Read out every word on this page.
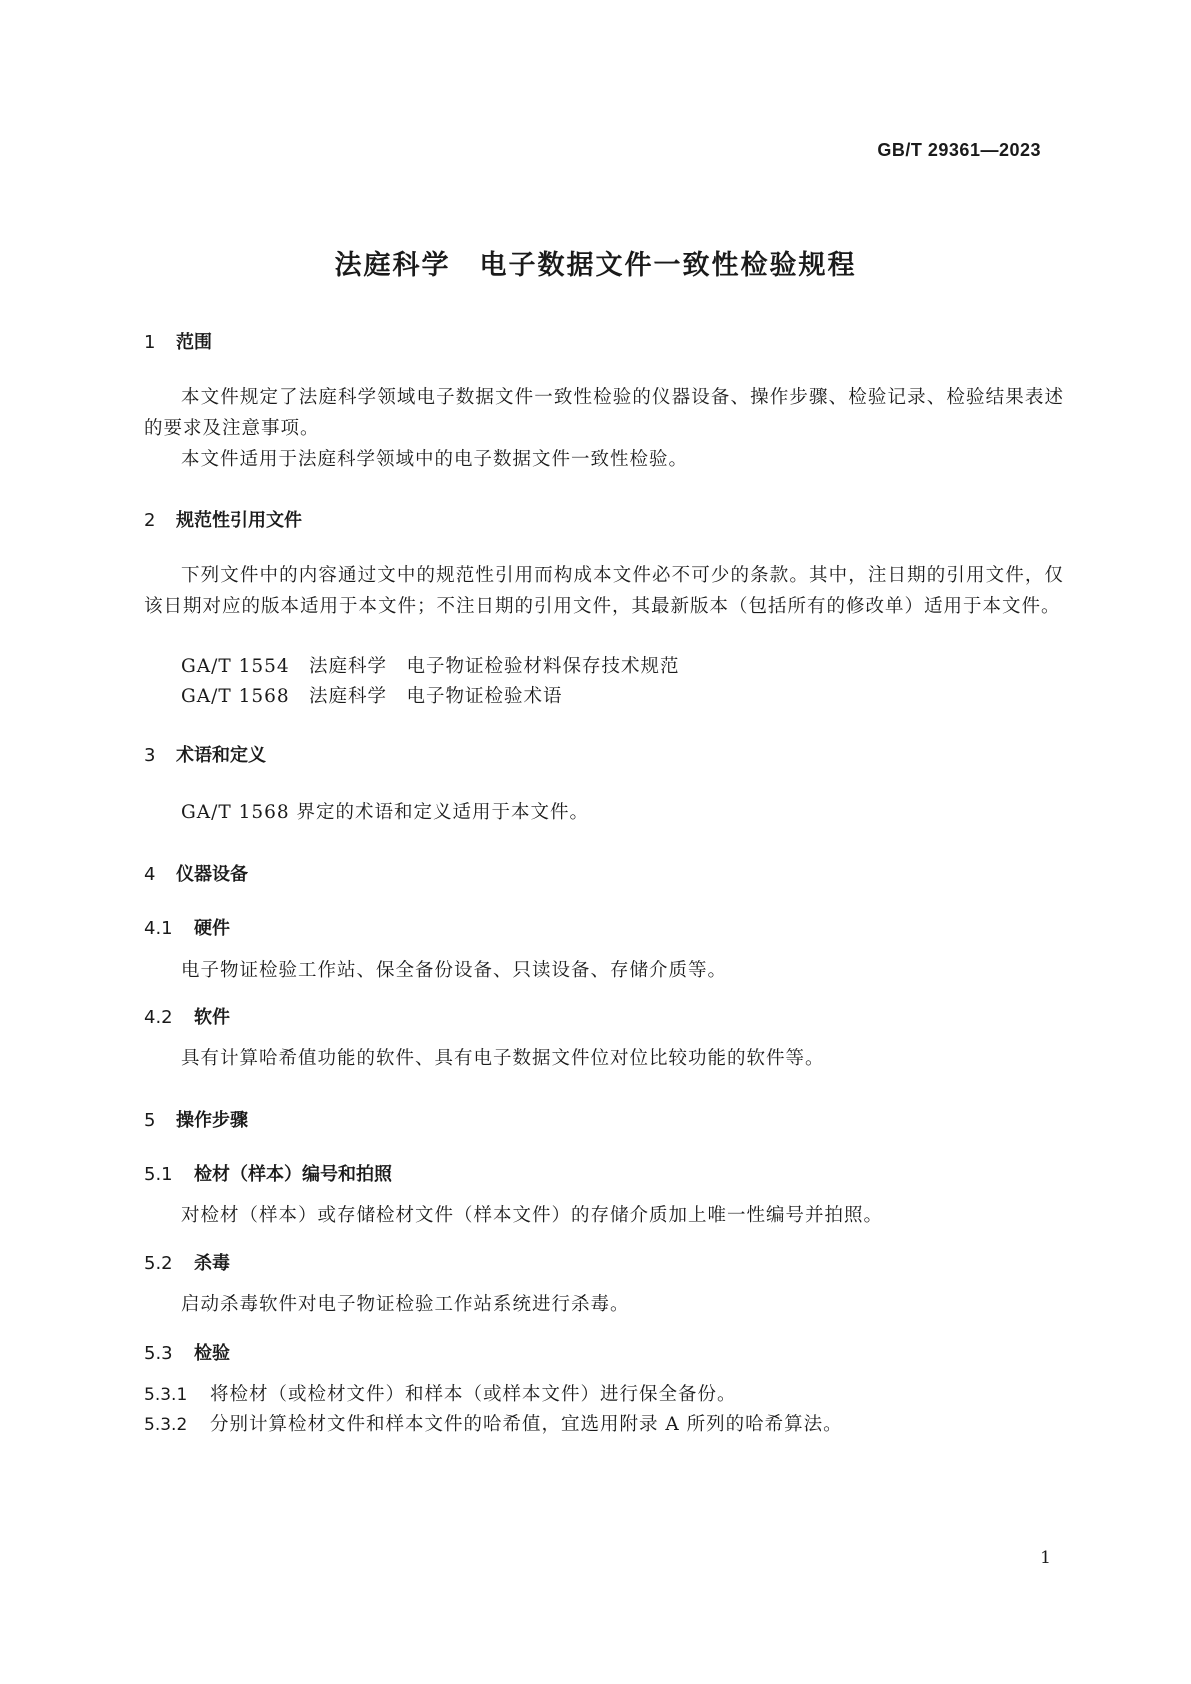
GB/T 29361—2023
法庭科学　电子数据文件一致性检验规程
1 范围
本文件规定了法庭科学领域电子数据文件一致性检验的仪器设备、操作步骤、检验记录、检验结果表述的要求及注意事项。
本文件适用于法庭科学领域中的电子数据文件一致性检验。
2 规范性引用文件
下列文件中的内容通过文中的规范性引用而构成本文件必不可少的条款。其中，注日期的引用文件，仅该日期对应的版本适用于本文件；不注日期的引用文件，其最新版本（包括所有的修改单）适用于本文件。
GA/T 1554 法庭科学　电子物证检验材料保存技术规范
GA/T 1568 法庭科学　电子物证检验术语
3 术语和定义
GA/T 1568 界定的术语和定义适用于本文件。
4 仪器设备
4.1 硬件
电子物证检验工作站、保全备份设备、只读设备、存储介质等。
4.2 软件
具有计算哈希值功能的软件、具有电子数据文件位对位比较功能的软件等。
5 操作步骤
5.1 检材（样本）编号和拍照
对检材（样本）或存储检材文件（样本文件）的存储介质加上唯一性编号并拍照。
5.2 杀毒
启动杀毒软件对电子物证检验工作站系统进行杀毒。
5.3 检验
5.3.1 将检材（或检材文件）和样本（或样本文件）进行保全备份。
5.3.2 分别计算检材文件和样本文件的哈希值，宜选用附录 A 所列的哈希算法。
1
